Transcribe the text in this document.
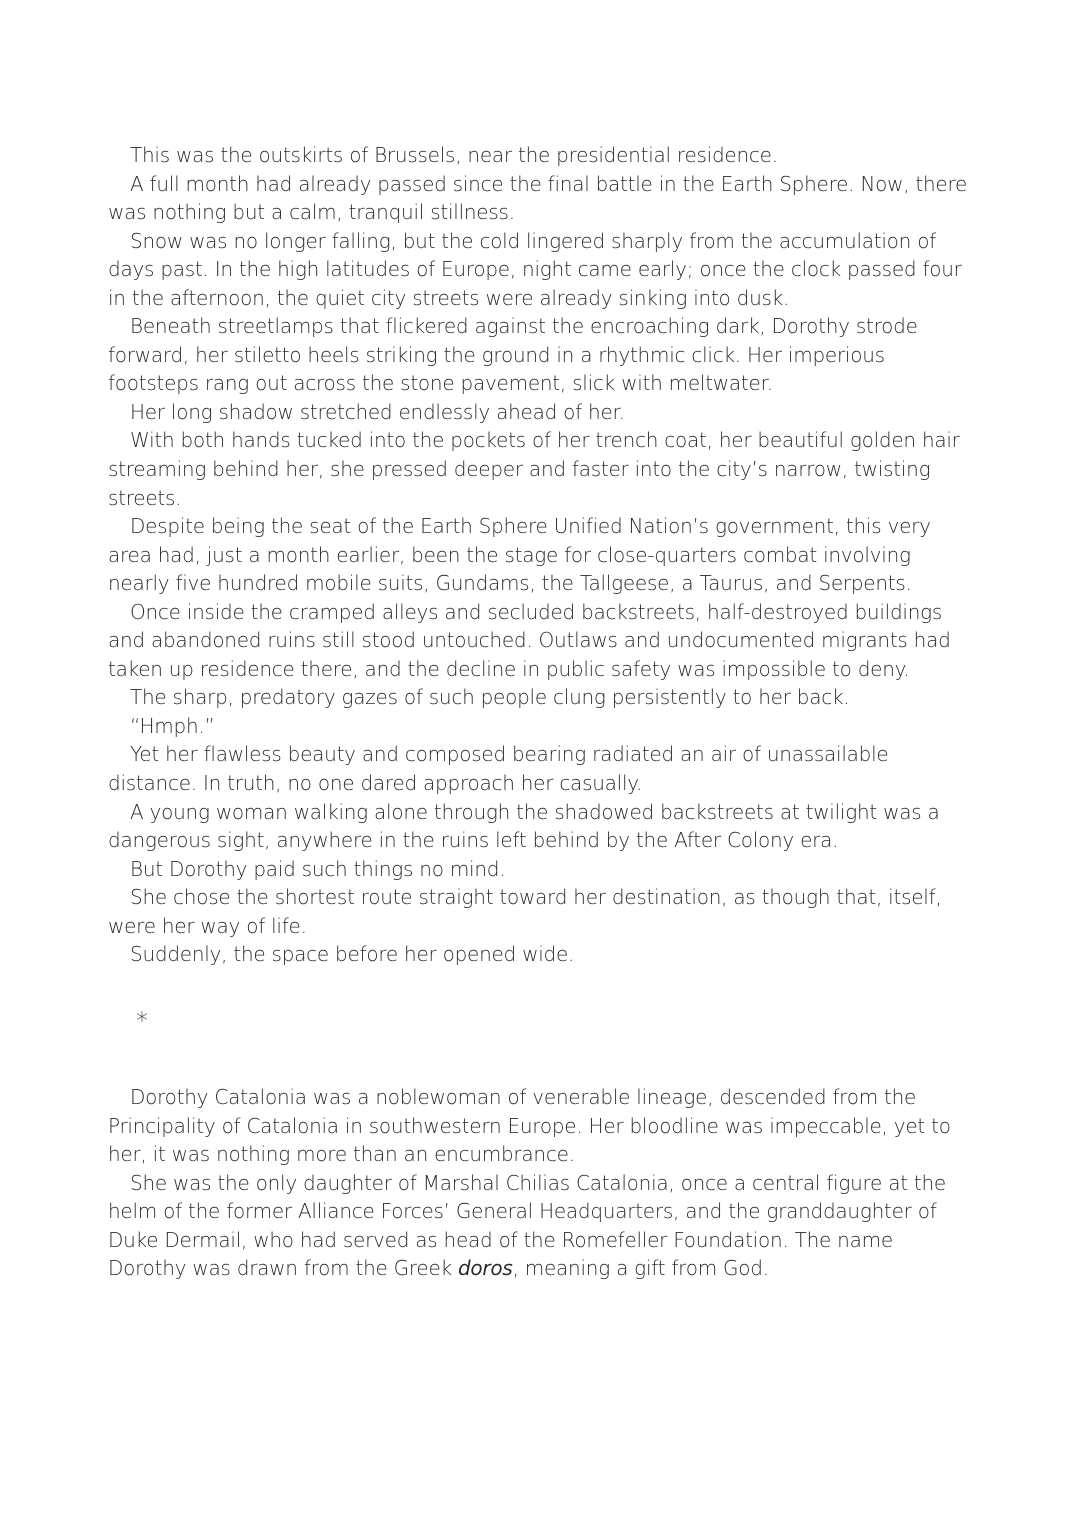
This was the outskirts of Brussels, near the presidential residence.

A full month had already passed since the final battle in the Earth Sphere. Now, there was nothing but a calm, tranquil stillness.

Snow was no longer falling, but the cold lingered sharply from the accumulation of days past. In the high latitudes of Europe, night came early; once the clock passed four in the afternoon, the quiet city streets were already sinking into dusk.

Beneath streetlamps that flickered against the encroaching dark, Dorothy strode forward, her stiletto heels striking the ground in a rhythmic click. Her imperious footsteps rang out across the stone pavement, slick with meltwater.

Her long shadow stretched endlessly ahead of her.

With both hands tucked into the pockets of her trench coat, her beautiful golden hair streaming behind her, she pressed deeper and faster into the city’s narrow, twisting streets.

Despite being the seat of the Earth Sphere Unified Nation’s government, this very area had, just a month earlier, been the stage for close-quarters combat involving nearly five hundred mobile suits, Gundams, the Tallgeese, a Taurus, and Serpents.

Once inside the cramped alleys and secluded backstreets, half-destroyed buildings and abandoned ruins still stood untouched. Outlaws and undocumented migrants had taken up residence there, and the decline in public safety was impossible to deny.

The sharp, predatory gazes of such people clung persistently to her back.

“Hmph.”

Yet her flawless beauty and composed bearing radiated an air of unassailable distance. In truth, no one dared approach her casually.

A young woman walking alone through the shadowed backstreets at twilight was a dangerous sight, anywhere in the ruins left behind by the After Colony era.

But Dorothy paid such things no mind.

She chose the shortest route straight toward her destination, as though that, itself, were her way of life.

Suddenly, the space before her opened wide.

*

Dorothy Catalonia was a noblewoman of venerable lineage, descended from the Principality of Catalonia in southwestern Europe. Her bloodline was impeccable, yet to her, it was nothing more than an encumbrance.

She was the only daughter of Marshal Chilias Catalonia, once a central figure at the helm of the former Alliance Forces’ General Headquarters, and the granddaughter of Duke Dermail, who had served as head of the Romefeller Foundation. The name Dorothy was drawn from the Greek doros, meaning a gift from God.
